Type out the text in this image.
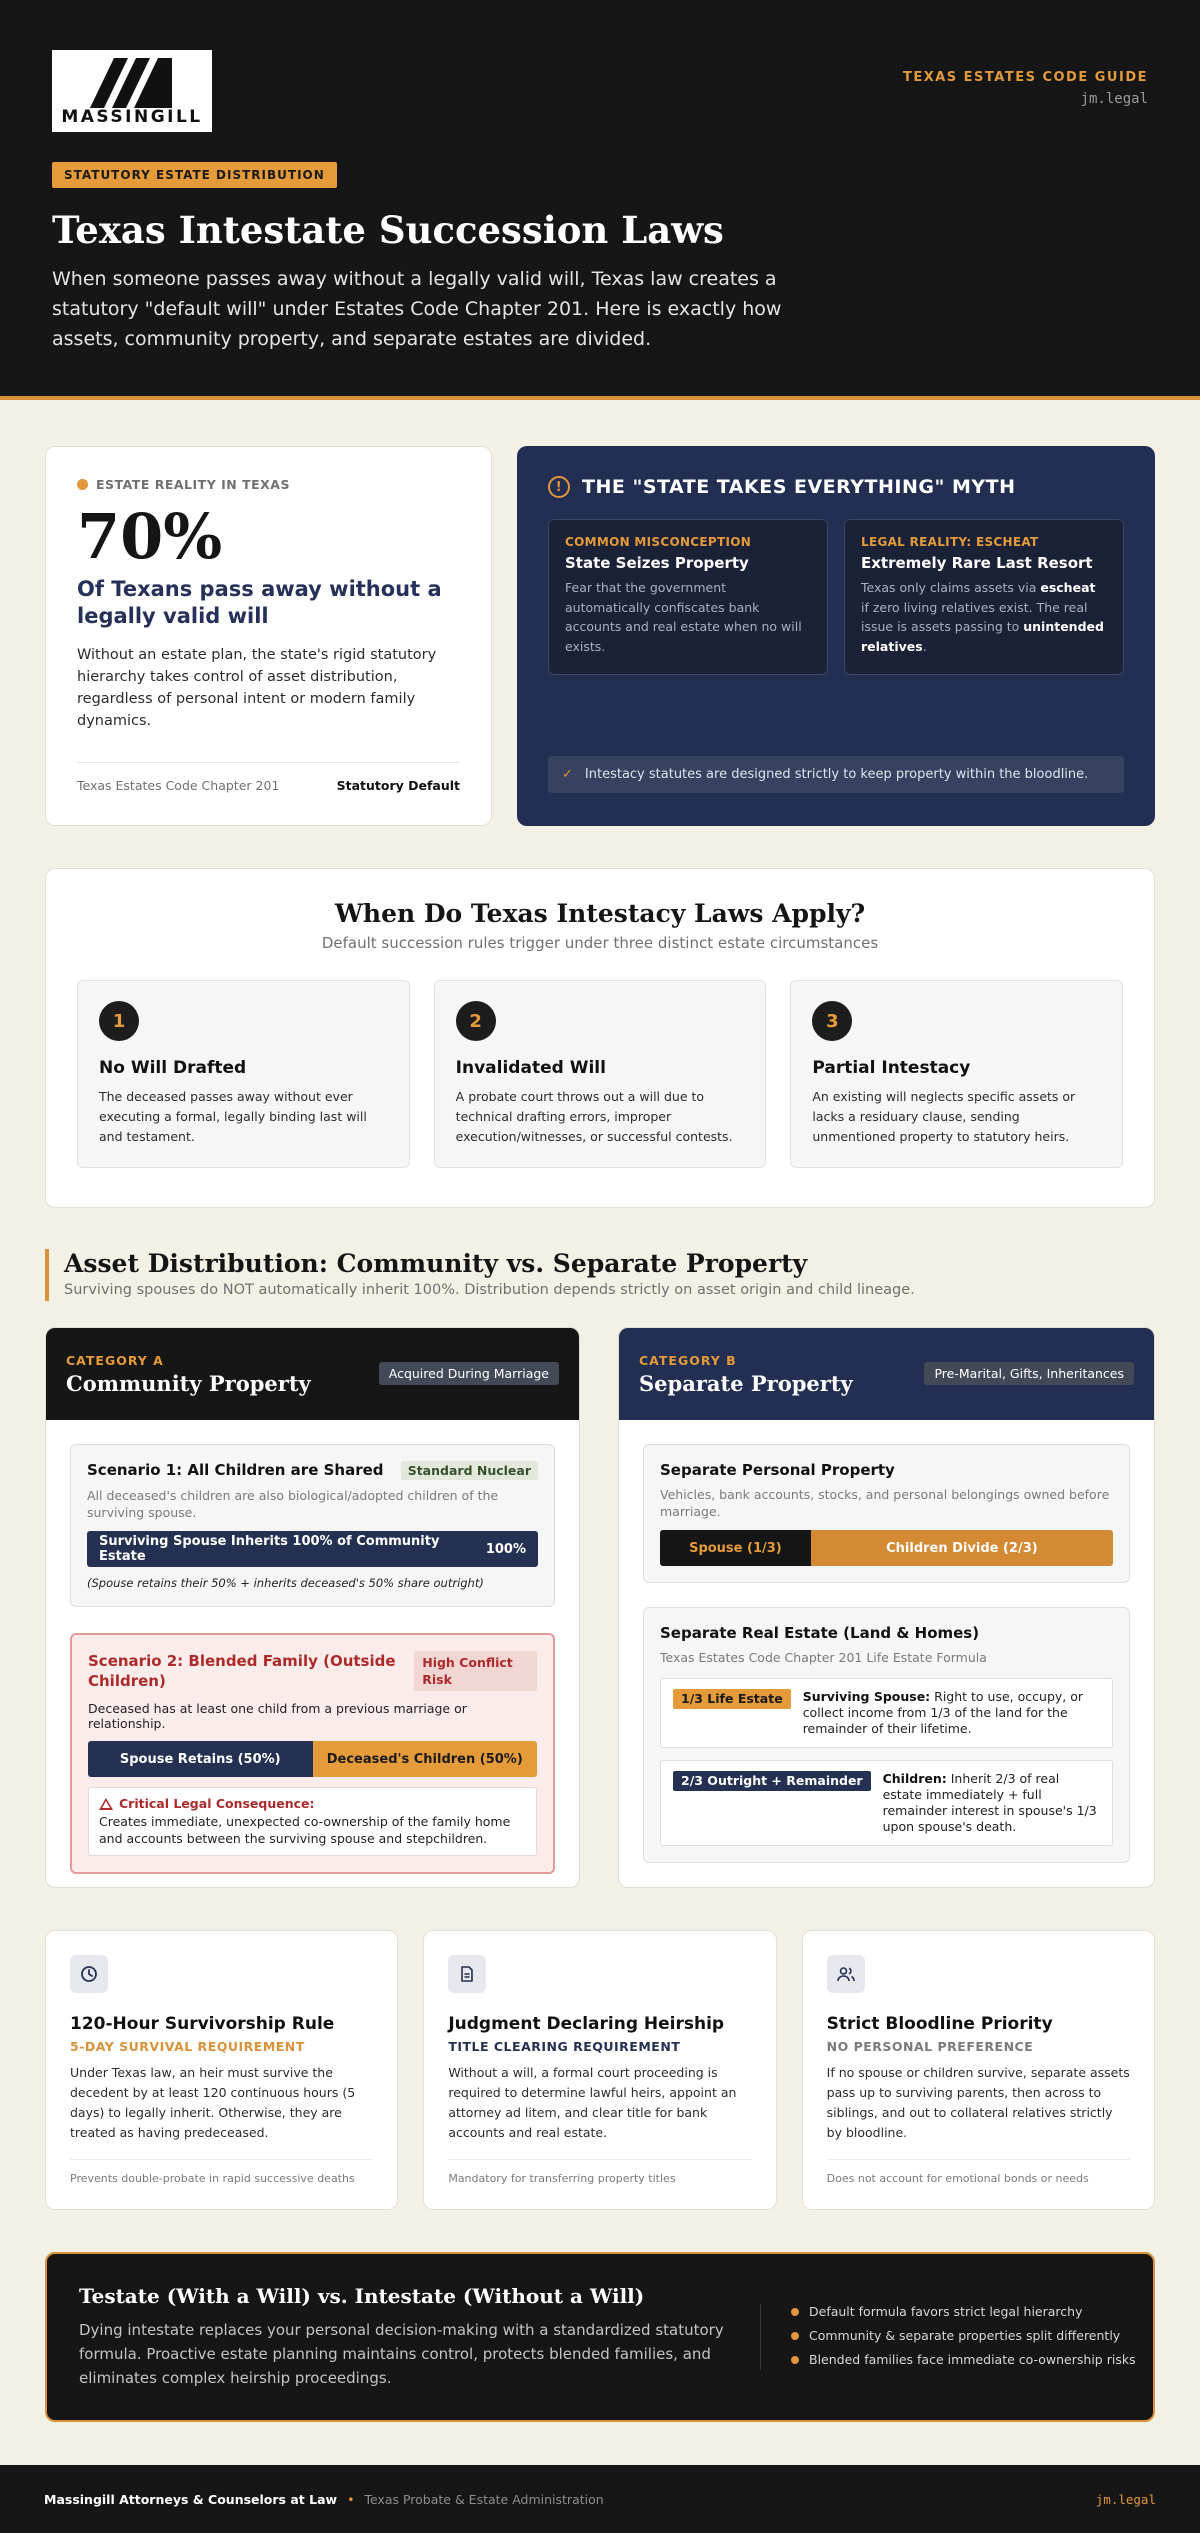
MASSINGILL
TEXAS ESTATES CODE GUIDE
jm.legal
STATUTORY ESTATE DISTRIBUTION
Texas Intestate Succession Laws

When someone passes away without a legally valid will, Texas law creates a statutory "default will" under Estates Code Chapter 201. Here is exactly how assets, community property, and separate estates are divided.

ESTATE REALITY IN TEXAS
70%
Of Texans pass away without a legally valid will

Without an estate plan, the state's rigid statutory hierarchy takes control of asset distribution, regardless of personal intent or modern family dynamics.

Texas Estates Code Chapter 201	Statutory Default
!	THE "STATE TAKES EVERYTHING" MYTH
COMMON MISCONCEPTION
State Seizes Property

Fear that the government automatically confiscates bank accounts and real estate when no will exists.

LEGAL REALITY: ESCHEAT
Extremely Rare Last Resort

Texas only claims assets via escheat if zero living relatives exist. The real issue is assets passing to unintended relatives.

✓ Intestacy statutes are designed strictly to keep property within the bloodline.
When Do Texas Intestacy Laws Apply?

Default succession rules trigger under three distinct estate circumstances

1
No Will Drafted

The deceased passes away without ever executing a formal, legally binding last will and testament.

2
Invalidated Will

A probate court throws out a will due to technical drafting errors, improper execution/witnesses, or successful contests.

3
Partial Intestacy

An existing will neglects specific assets or lacks a residuary clause, sending unmentioned property to statutory heirs.

Asset Distribution: Community vs. Separate Property

Surviving spouses do NOT automatically inherit 100%. Distribution depends strictly on asset origin and child lineage.

CATEGORY A
Community Property	Acquired During Marriage
Scenario 1: All Children are Shared	Standard Nuclear

All deceased's children are also biological/adopted children of the surviving spouse.

Surviving Spouse Inherits 100% of Community Estate	100%

(Spouse retains their 50% + inherits deceased's 50% share outright)

Scenario 2: Blended Family (Outside Children)
High Conflict Risk

Deceased has at least one child from a previous marriage or relationship.

Spouse Retains (50%)	Deceased's Children (50%)
Critical Legal Consequence:

Creates immediate, unexpected co-ownership of the family home and accounts between the surviving spouse and stepchildren.

CATEGORY B
Separate Property	Pre-Marital, Gifts, Inheritances
Separate Personal Property

Vehicles, bank accounts, stocks, and personal belongings owned before marriage.

Spouse (1/3)	Children Divide (2/3)
Separate Real Estate (Land & Homes)

Texas Estates Code Chapter 201 Life Estate Formula

1/3 Life Estate	Surviving Spouse: Right to use, occupy, or collect income from 1/3 of the land for the remainder of their lifetime.
2/3 Outright + Remainder	Children: Inherit 2/3 of real estate immediately + full remainder interest in spouse's 1/3 upon spouse's death.
120-Hour Survivorship Rule
5-DAY SURVIVAL REQUIREMENT

Under Texas law, an heir must survive the decedent by at least 120 continuous hours (5 days) to legally inherit. Otherwise, they are treated as having predeceased.

Prevents double-probate in rapid successive deaths
Judgment Declaring Heirship
TITLE CLEARING REQUIREMENT

Without a will, a formal court proceeding is required to determine lawful heirs, appoint an attorney ad litem, and clear title for bank accounts and real estate.

Mandatory for transferring property titles
Strict Bloodline Priority
NO PERSONAL PREFERENCE

If no spouse or children survive, separate assets pass up to surviving parents, then across to siblings, and out to collateral relatives strictly by bloodline.

Does not account for emotional bonds or needs
Testate (With a Will) vs. Intestate (Without a Will)

Dying intestate replaces your personal decision-making with a standardized statutory formula. Proactive estate planning maintains control, protects blended families, and eliminates complex heirship proceedings.

Default formula favors strict legal hierarchy
Community & separate properties split differently
Blended families face immediate co-ownership risks
Massingill Attorneys & Counselors at Law • Texas Probate & Estate Administration	jm.legal
